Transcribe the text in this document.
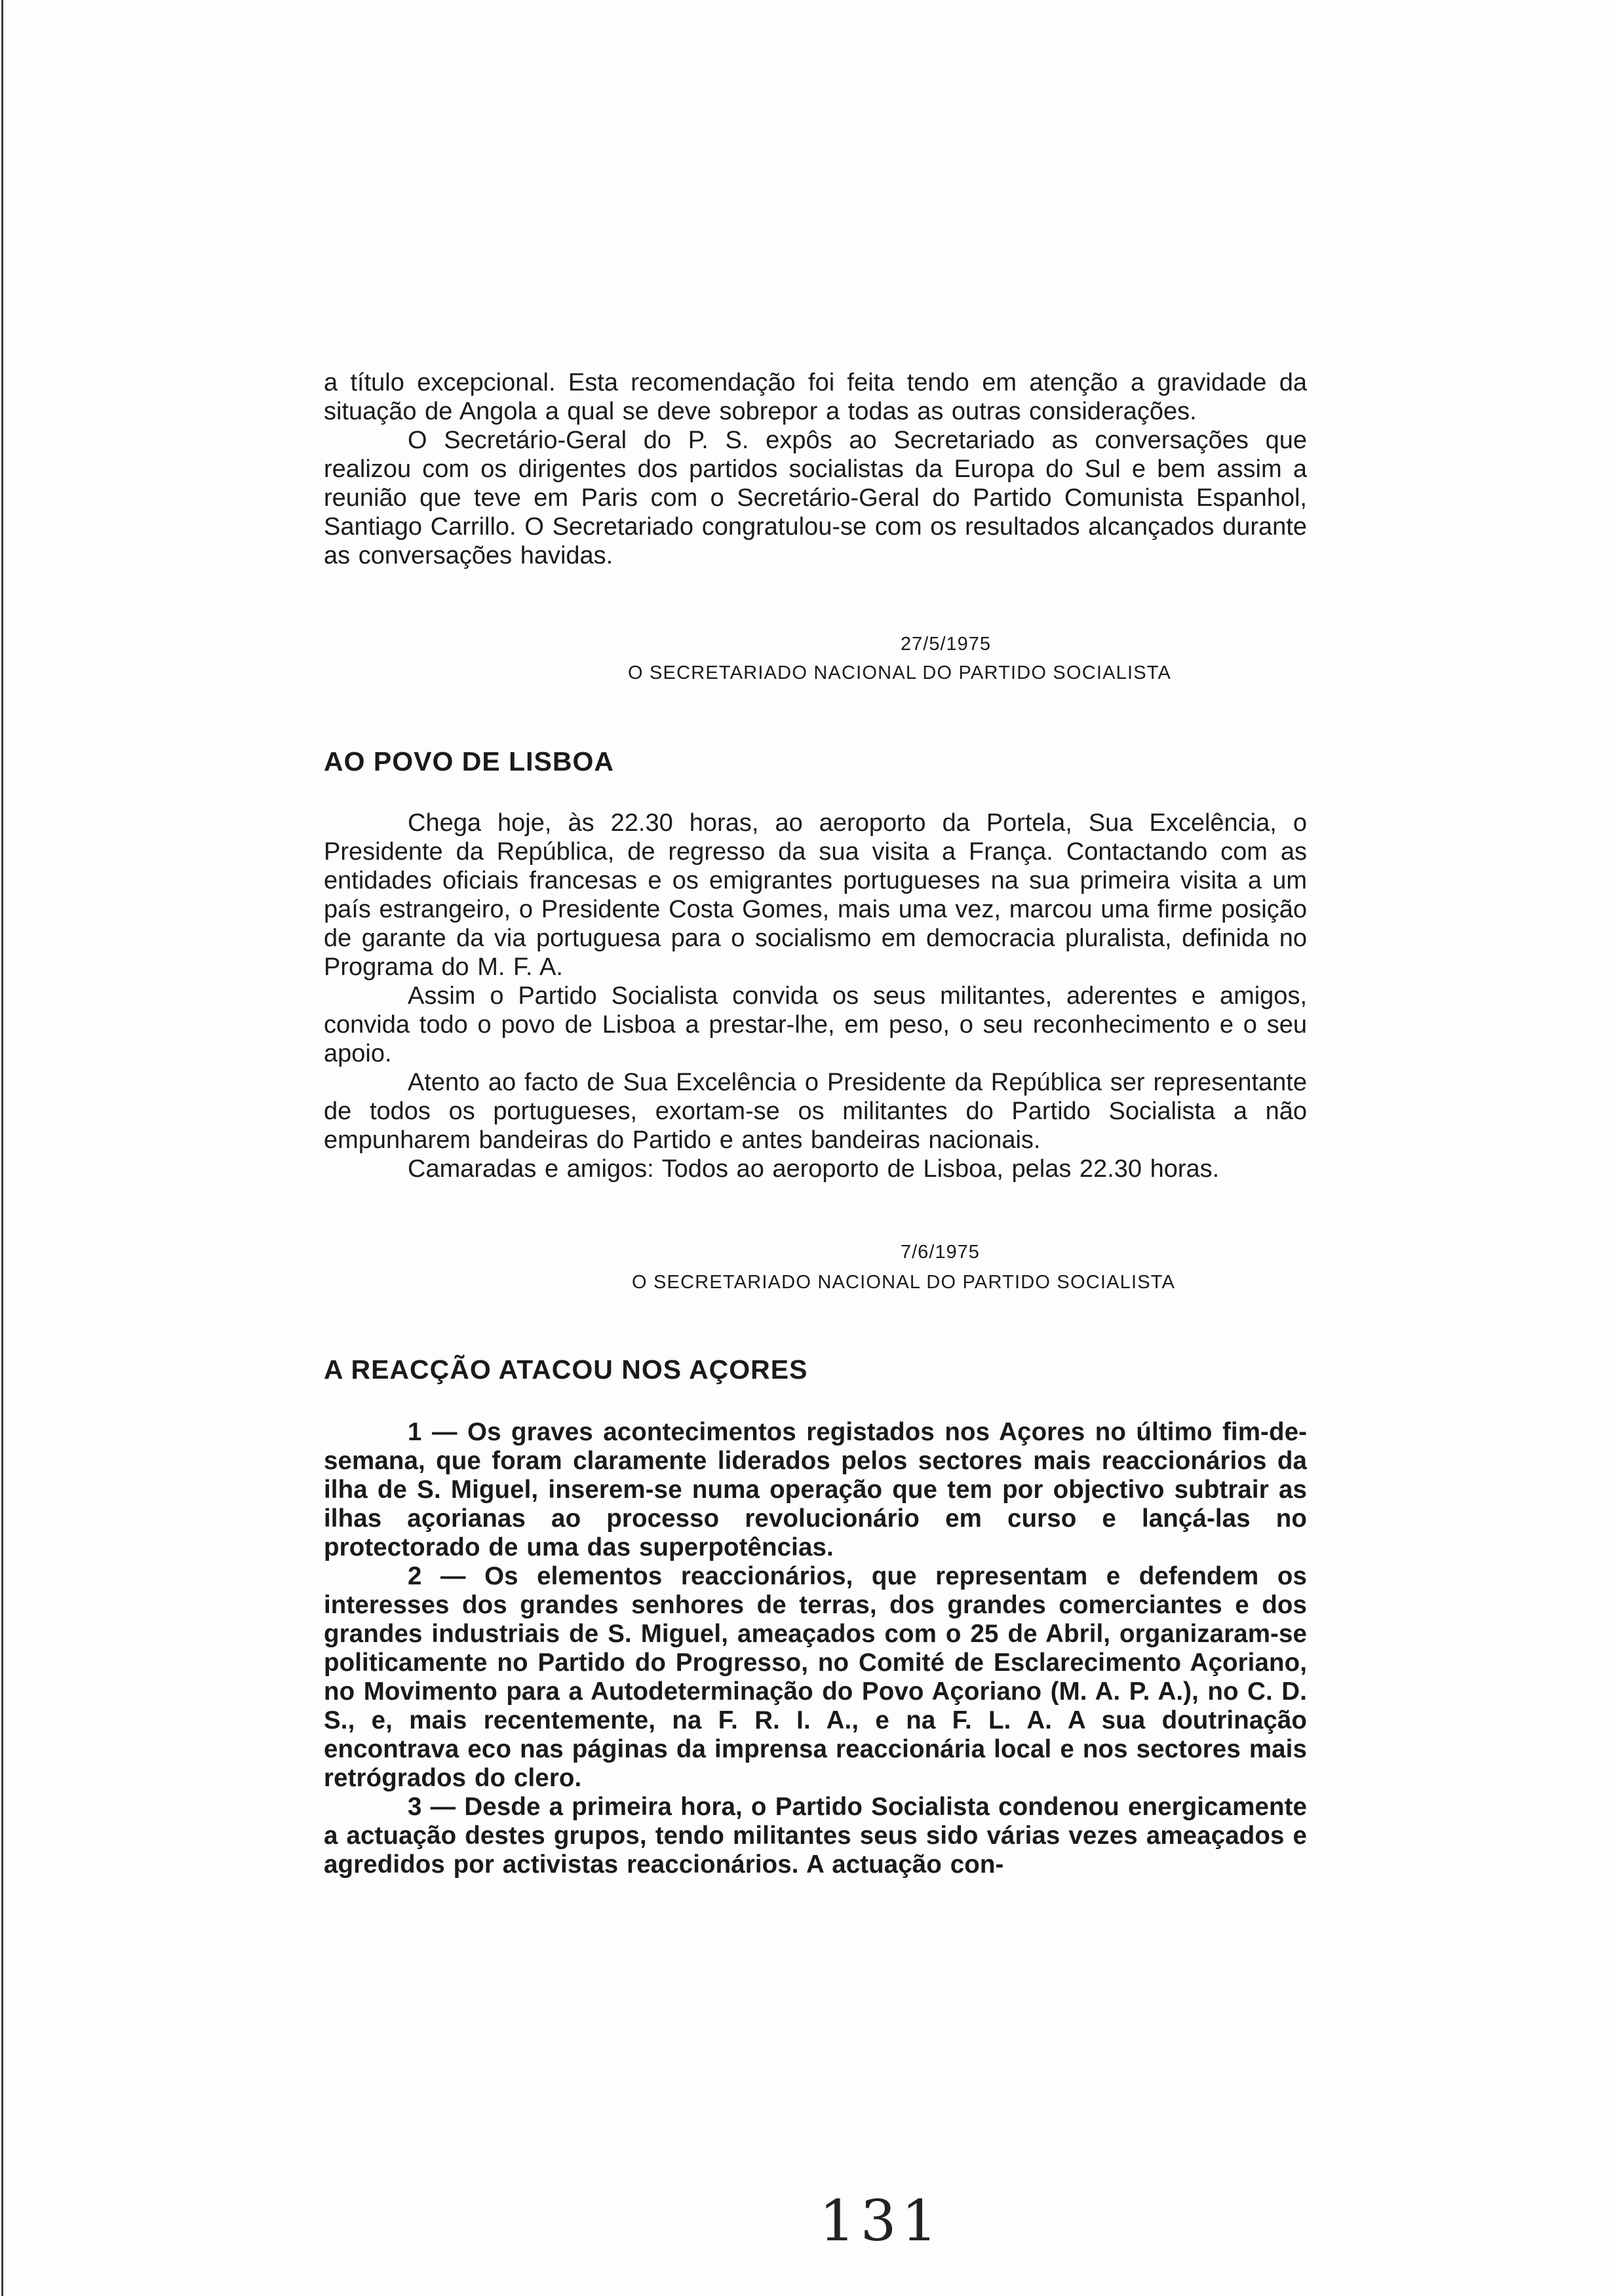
a título excepcional. Esta recomendação foi feita tendo em atenção a gravidade da situação de Angola a qual se deve sobrepor a todas as outras considerações.

O Secretário-Geral do P. S. expôs ao Secretariado as conversações que realizou com os dirigentes dos partidos socialistas da Europa do Sul e bem assim a reunião que teve em Paris com o Secretário-Geral do Partido Comunista Espanhol, Santiago Carrillo. O Secretariado congratulou-se com os resultados alcançados durante as conversações havidas.

27/5/1975
O SECRETARIADO NACIONAL DO PARTIDO SOCIALISTA
AO POVO DE LISBOA

Chega hoje, às 22.30 horas, ao aeroporto da Portela, Sua Excelência, o Presidente da República, de regresso da sua visita a França. Contactando com as entidades oficiais francesas e os emigrantes portugueses na sua primeira visita a um país estrangeiro, o Presidente Costa Gomes, mais uma vez, marcou uma firme posição de garante da via portuguesa para o socialismo em democracia pluralista, definida no Programa do M. F. A.

Assim o Partido Socialista convida os seus militantes, aderentes e amigos, convida todo o povo de Lisboa a prestar-lhe, em peso, o seu reconhecimento e o seu apoio.

Atento ao facto de Sua Excelência o Presidente da República ser representante de todos os portugueses, exortam-se os militantes do Partido Socialista a não empunharem bandeiras do Partido e antes bandeiras nacionais.

Camaradas e amigos: Todos ao aeroporto de Lisboa, pelas 22.30 horas.

7/6/1975
O SECRETARIADO NACIONAL DO PARTIDO SOCIALISTA
A REACÇÃO ATACOU NOS AÇORES

1 — Os graves acontecimentos registados nos Açores no último fim-de-semana, que foram claramente liderados pelos sectores mais reaccionários da ilha de S. Miguel, inserem-se numa operação que tem por objectivo subtrair as ilhas açorianas ao processo revolucionário em curso e lançá-las no protectorado de uma das superpotências.

2 — Os elementos reaccionários, que representam e defendem os interesses dos grandes senhores de terras, dos grandes comerciantes e dos grandes industriais de S. Miguel, ameaçados com o 25 de Abril, organizaram-se politicamente no Partido do Progresso, no Comité de Esclarecimento Açoriano, no Movimento para a Autodeterminação do Povo Açoriano (M. A. P. A.), no C. D. S., e, mais recentemente, na F. R. I. A., e na F. L. A. A sua doutrinação encontrava eco nas páginas da imprensa reaccionária local e nos sectores mais retrógrados do clero.

3 — Desde a primeira hora, o Partido Socialista condenou energicamente a actuação destes grupos, tendo militantes seus sido várias vezes ameaçados e agredidos por activistas reaccionários. A actuação con-

131
